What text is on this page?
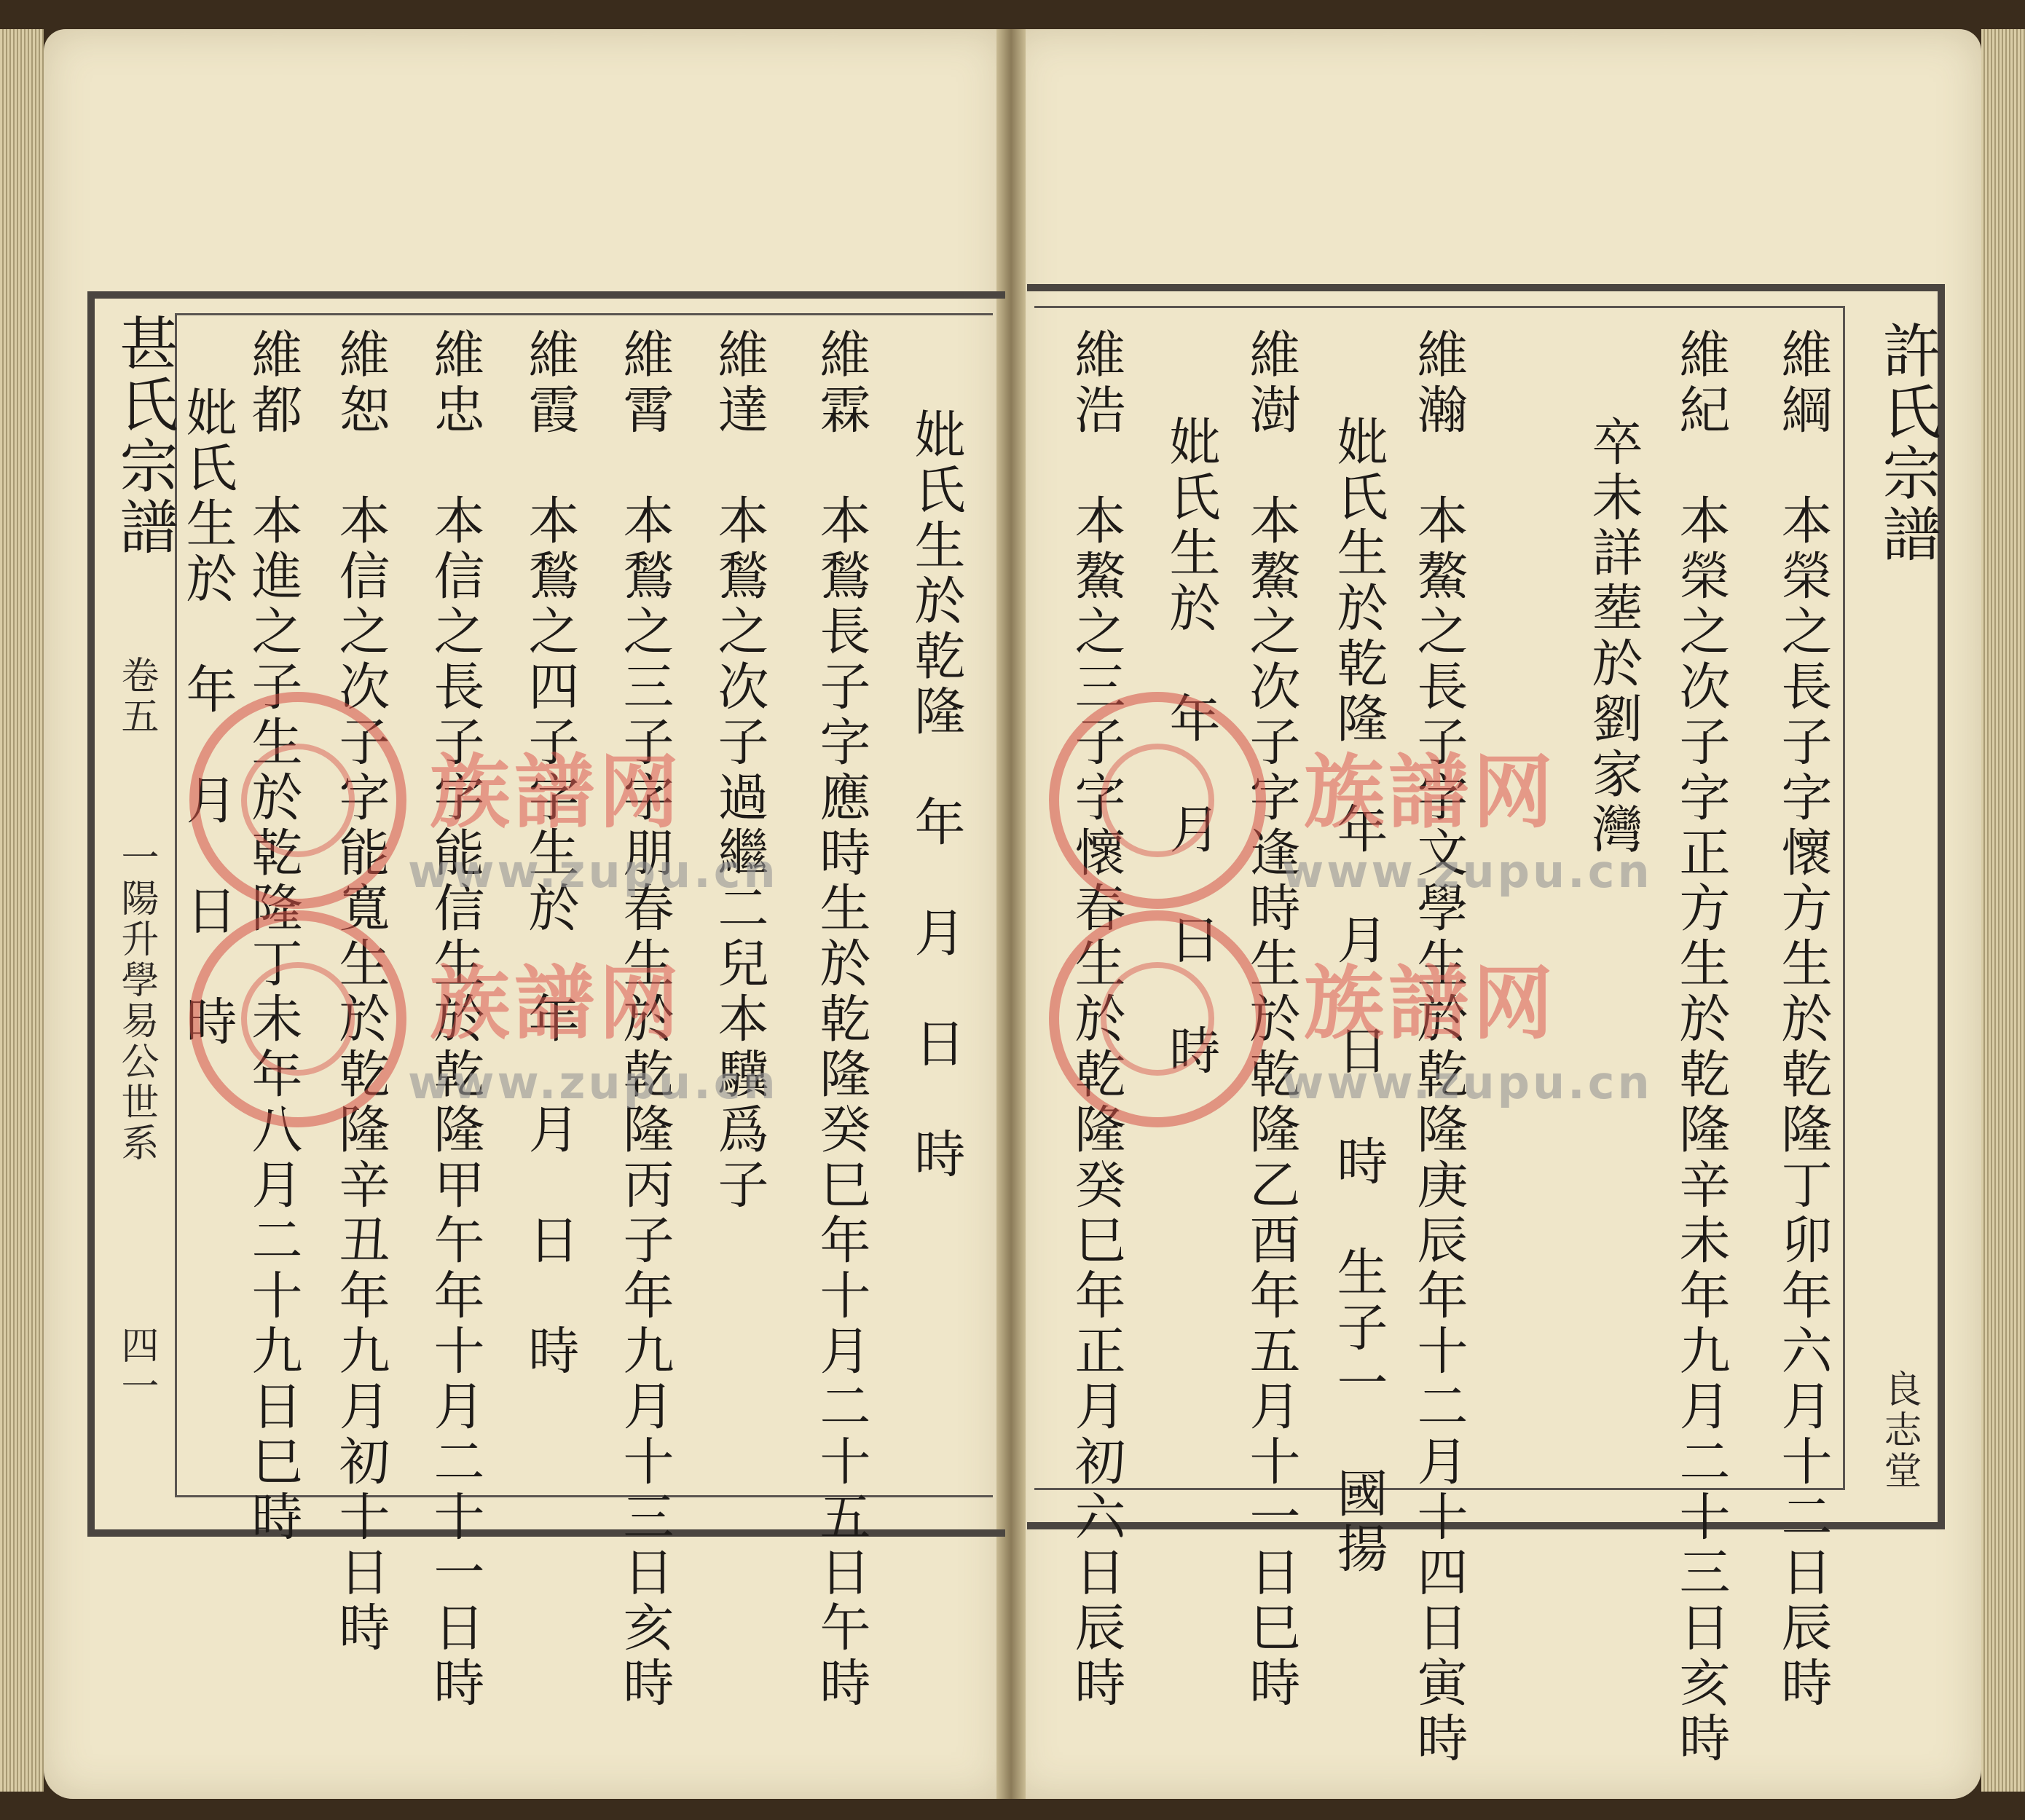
甚氏宗譜
卷五
一陽升學易公世系
四一
許氏宗譜
良志堂
維綱　本榮之長子字懷方生於乾隆丁卯年六月十二日辰時
維紀　本榮之次子字正方生於乾隆辛未年九月二十三日亥時
卒未詳塟於劉家灣
維瀚　本鰲之長子字文學生於乾隆庚辰年十二月十四日寅時
妣氏生於乾隆　年　月　日　時　生子一　國揚
維澍　本鰲之次子字逢時生於乾隆乙酉年五月十一日巳時
妣氏生於　年　月　日　時
維浩　本鰲之三子字懷春生於乾隆癸巳年正月初六日辰時
妣氏生於乾隆　年　月　日　時
維霖　本鶖長子字應時生於乾隆癸巳年十月二十五日午時
維達　本鶖之次子過繼二兒本驥爲子
維霄　本鶖之三子字朋春生於乾隆丙子年九月十三日亥時
維霞　本鶖之四子字生於　年　月　日　時
維忠　本信之長子字能信生於乾隆甲午年十月二十一日時
維恕　本信之次子字能寬生於乾隆辛丑年九月初十日時
維都　本進之子生於乾隆丁未年八月二十九日巳時
妣氏生於　年　月　日　時 族譜网
族譜网
族譜网
族譜网
www.zupu.cn
www.zupu.cn
www.zupu.cn
www.zupu.cn
